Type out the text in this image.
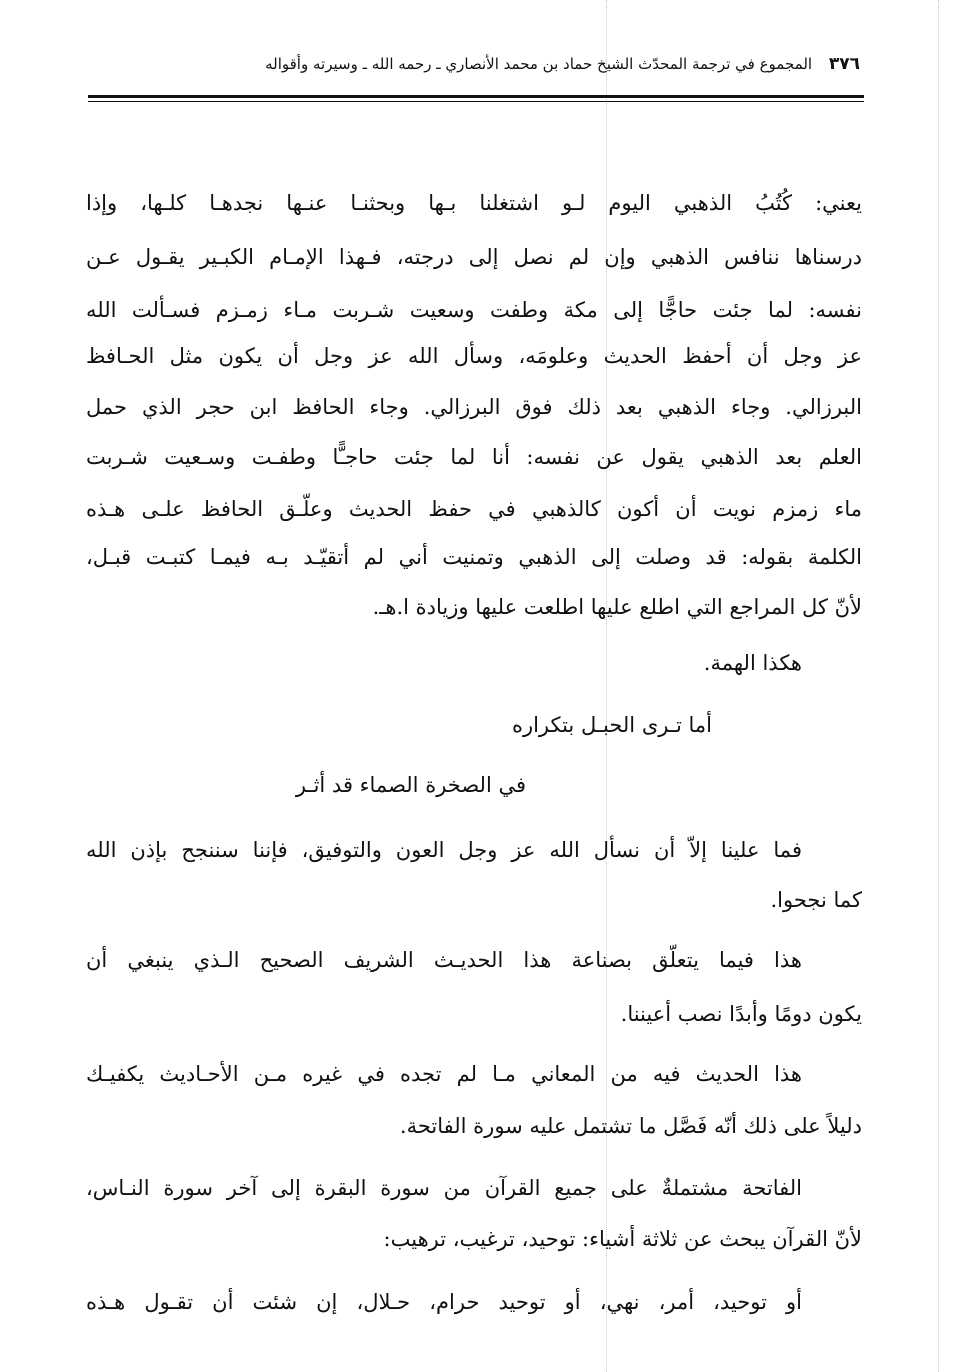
٣٧٦ المجموع في ترجمة المحدّث الشيخ حماد بن محمد الأنصاري ـ رحمه الله ـ وسيرته وأقواله
يعني: كُتُبُ الذهبي اليوم لـو اشتغلنا بـها وبحثنـا عنـها نجدهـا كلـها، وإذا
درسناها ننافس الذهبي وإن لم نصل إلى درجته، فـهذا الإمـام الكبـير يقـول عـن
نفسه: لما جئت حاجًّا إلى مكة وطفت وسعيت شـربت مـاء زمـزم فسـألت الله
عز وجل أن أحفظ الحديث وعلومَه، وسأل الله عز وجل أن يكون مثل الحـافظ
البرزالي. وجاء الذهبي بعد ذلك فوق البرزالي. وجاء الحافظ ابن حجر الذي حمل
العلم بعد الذهبي يقول عن نفسه: أنا لما جئت حاجـًّا وطفـت وسـعيت شـربت
ماء زمزم نويت أن أكون كالذهبي في حفظ الحديث وعلّـق الحافظ علـى هـذه
الكلمة بقوله: قد وصلت إلى الذهبي وتمنيت أني لم أتقيّـد بـه فيمـا كتبـت قبـل،
لأنّ كل المراجع التي اطلع عليها اطلعت عليها وزيادة ا.هـ.
هكذا الهمة.
أما تـرى الحبـل بتكراره
في الصخرة الصماء قد أثـر
فما علينا إلاّ أن نسأل الله عز وجل العون والتوفيق، فإننا سننجح بإذن الله
كما نجحوا.
هذا فيما يتعلّق بصناعة هذا الحديـث الشريف الصحيح الـذي ينبغي أن
يكون دومًا وأبدًا نصب أعيننا.
هذا الحديث فيه من المعاني مـا لم تجده في غيره مـن الأحـاديث يكفيـك
دليلاً على ذلك أنّه فَصَّل ما تشتمل عليه سورة الفاتحة.
الفاتحة مشتملةٌ على جميع القرآن من سورة البقرة إلى آخر سورة النـاس،
لأنّ القرآن يبحث عن ثلاثة أشياء: توحيد، ترغيب، ترهيب:
أو توحيد، أمر، نهي، أو توحيد حرام، حـلال، إن شئت أن تقـول هـذه
